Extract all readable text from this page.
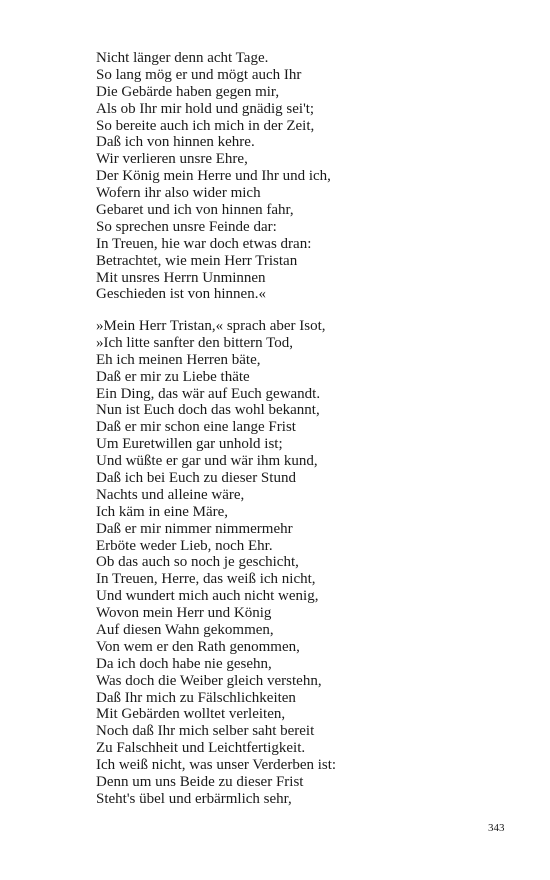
Nicht länger denn acht Tage.
So lang mög er und mögt auch Ihr
Die Gebärde haben gegen mir,
Als ob Ihr mir hold und gnädig sei't;
So bereite auch ich mich in der Zeit,
Daß ich von hinnen kehre.
Wir verlieren unsre Ehre,
Der König mein Herre und Ihr und ich,
Wofern ihr also wider mich
Gebaret und ich von hinnen fahr,
So sprechen unsre Feinde dar:
In Treuen, hie war doch etwas dran:
Betrachtet, wie mein Herr Tristan
Mit unsres Herrn Unminnen
Geschieden ist von hinnen.«
»Mein Herr Tristan,« sprach aber Isot,
»Ich litte sanfter den bittern Tod,
Eh ich meinen Herren bäte,
Daß er mir zu Liebe thäte
Ein Ding, das wär auf Euch gewandt.
Nun ist Euch doch das wohl bekannt,
Daß er mir schon eine lange Frist
Um Euretwillen gar unhold ist;
Und wüßte er gar und wär ihm kund,
Daß ich bei Euch zu dieser Stund
Nachts und alleine wäre,
Ich käm in eine Märe,
Daß er mir nimmer nimmermehr
Erböte weder Lieb, noch Ehr.
Ob das auch so noch je geschicht,
In Treuen, Herre, das weiß ich nicht,
Und wundert mich auch nicht wenig,
Wovon mein Herr und König
Auf diesen Wahn gekommen,
Von wem er den Rath genommen,
Da ich doch habe nie gesehn,
Was doch die Weiber gleich verstehn,
Daß Ihr mich zu Fälschlichkeiten
Mit Gebärden wolltet verleiten,
Noch daß Ihr mich selber saht bereit
Zu Falschheit und Leichtfertigkeit.
Ich weiß nicht, was unser Verderben ist:
Denn um uns Beide zu dieser Frist
Steht's übel und erbärmlich sehr,
343
